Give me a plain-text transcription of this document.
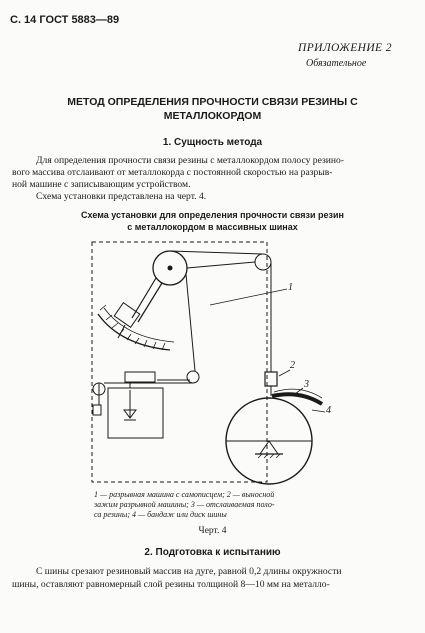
С. 14 ГОСТ 5883—89
ПРИЛОЖЕНИЕ 2
Обязательное
МЕТОД ОПРЕДЕЛЕНИЯ ПРОЧНОСТИ СВЯЗИ РЕЗИНЫ С
МЕТАЛЛОКОРДОМ
1. Сущность метода
Для определения прочности связи резины с металлокордом полосу резино-
вого массива отслаивают от металлокорда с постоянной скоростью на разрыв-
ной машине с записывающим устройством.
Схема установки представлена на черт. 4.
Схема установки для определения прочности связи резин
с металлокордом в массивных шинах
1
2
3
4
1 — разрывная машина с самописцем; 2 — выносной
зажим разрывной машины; 3 — отслаиваемая поло-
са резины; 4 — бандаж или диск шины
Черт. 4
2. Подготовка к испытанию
С шины срезают резиновый массив на дуге, равной 0,2 длины окружности
шины, оставляют равномерный слой резины толщиной 8—10 мм на металло-
